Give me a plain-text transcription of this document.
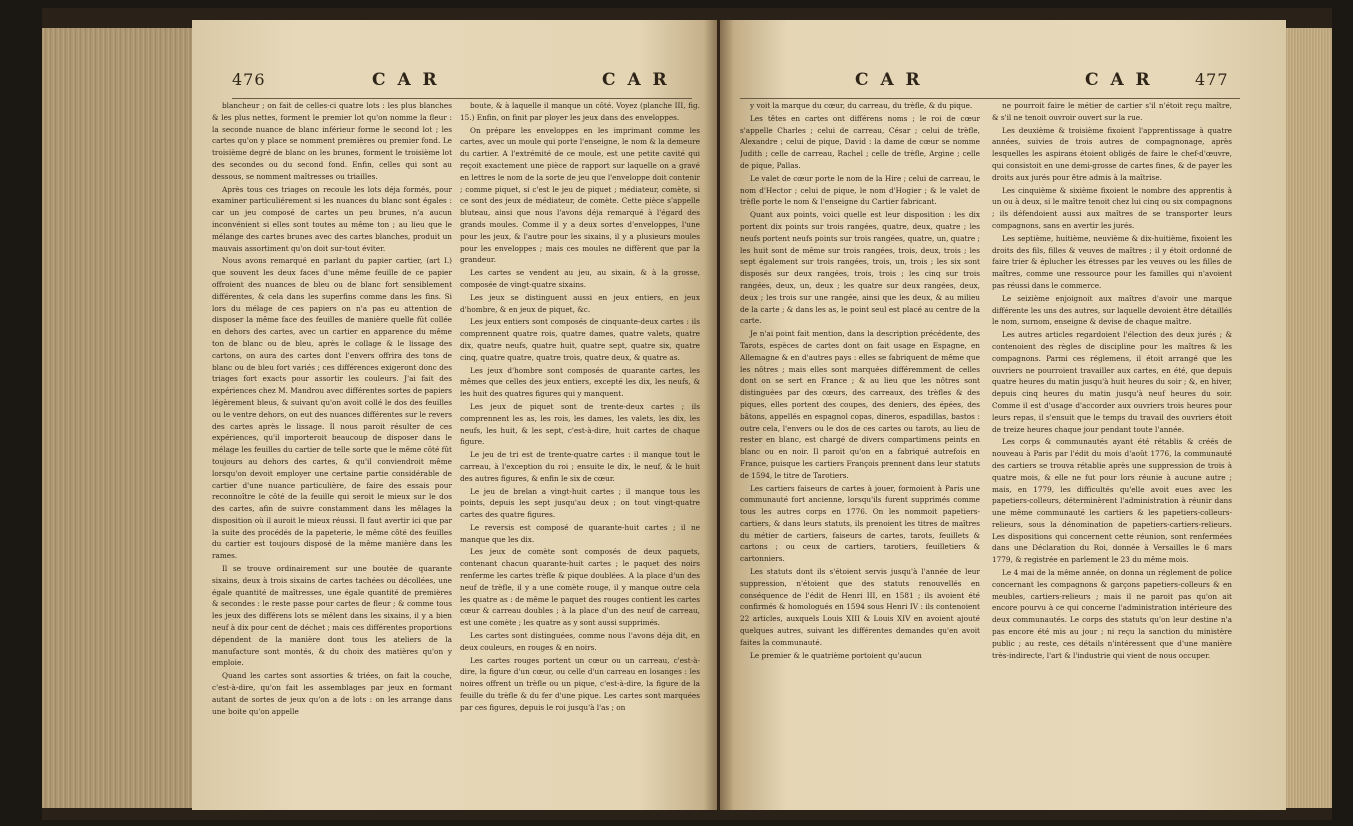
476	C A R	C A R

blancheur ; on fait de celles-ci quatre lots : les plus blanches & les plus nettes, forment le premier lot qu'on nomme la fleur : la seconde nuance de blanc inférieur forme le second lot ; les cartes qu'on y place se nomment premières ou premier fond. Le troisième degré de blanc on les brunes, forment le troisième lot des secondes ou du second fond. Enfin, celles qui sont au dessous, se nomment maîtresses ou triailles.

Après tous ces triages on recoule les lots déja formés, pour examiner particuliérement si les nuances du blanc sont égales : car un jeu composé de cartes un peu brunes, n'a aucun inconvénient si elles sont toutes au même ton ; au lieu que le mélange des cartes brunes avec des cartes blanches, produit un mauvais assortiment qu'on doit sur-tout éviter.

Nous avons remarqué en parlant du papier cartier, (art I.) que souvent les deux faces d'une même feuille de ce papier offroient des nuances de bleu ou de blanc fort sensiblement différentes, & cela dans les superfins comme dans les fins. Si lors du mélage de ces papiers on n'a pas eu attention de disposer la même face des feuilles de manière quelle fût collée en dehors des cartes, avec un cartier en apparence du même ton de blanc ou de bleu, après le collage & le lissage des cartons, on aura des cartes dont l'envers offrira des tons de blanc ou de bleu fort variés ; ces différences exigeront donc des triages fort exacts pour assortir les couleurs. J'ai fait des expériences chez M. Mandrou avec différentes sortes de papiers légèrement bleus, & suivant qu'on avoit collé le dos des feuilles ou le ventre dehors, on eut des nuances différentes sur le revers des cartes après le lissage. Il nous paroit résulter de ces expériences, qu'il importeroit beaucoup de disposer dans le mélage les feuilles du cartier de telle sorte que le même côté fût toujours au dehors des cartes, & qu'il conviendroit même lorsqu'on devoit employer une certaine partie considérable de cartier d'une nuance particulière, de faire des essais pour reconnoître le côté de la feuille qui seroit le mieux sur le dos des cartes, afin de suivre constamment dans les mêlages la disposition où il auroit le mieux réussi. Il faut avertir ici que par la suite des procédés de la papeterie, le même côté des feuilles du cartier est toujours disposé de la même manière dans les rames.

Il se trouve ordinairement sur une boutée de quarante sixains, deux à trois sixains de cartes tachées ou décollées, une égale quantité de maîtresses, une égale quantité de premières & secondes : le reste passe pour cartes de fleur ; & comme tous les jeux des différens lots se mêlent dans les sixains, il y a bien neuf à dix pour cent de déchet ; mais ces différentes proportions dépendent de la manière dont tous les ateliers de la manufacture sont montés, & du choix des matières qu'on y emploie.

Quand les cartes sont assorties & triées, on fait la couche, c'est-à-dire, qu'on fait les assemblages par jeux en formant autant de sortes de jeux qu'on a de lots : on les arrange dans une boite qu'on appelle

boute, & à laquelle il manque un côté. Voyez (planche III, fig. 15.) Enfin, on finit par ployer les jeux dans des enveloppes.

On prépare les enveloppes en les imprimant comme les cartes, avec un moule qui porte l'enseigne, le nom & la demeure du cartier. A l'extrémité de ce moule, est une petite cavité qui reçoit exactement une pièce de rapport sur laquelle on a gravé en lettres le nom de la sorte de jeu que l'enveloppe doit contenir ; comme piquet, si c'est le jeu de piquet ; médiateur, comète, si ce sont des jeux de médiateur, de comète. Cette pièce s'appelle bluteau, ainsi que nous l'avons déja remarqué à l'égard des grands moules. Comme il y a deux sortes d'enveloppes, l'une pour les jeux, & l'autre pour les sixains, il y a plusieurs moules pour les enveloppes ; mais ces moules ne diffèrent que par la grandeur.

Les cartes se vendent au jeu, au sixain, & à la grosse, composée de vingt-quatre sixains.

Les jeux se distinguent aussi en jeux entiers, en jeux d'hombre, & en jeux de piquet, &c.

Les jeux entiers sont composés de cinquante-deux cartes : ils comprennent quatre rois, quatre dames, quatre valets, quatre dix, quatre neufs, quatre huit, quatre sept, quatre six, quatre cinq, quatre quatre, quatre trois, quatre deux, & quatre as.

Les jeux d'hombre sont composés de quarante cartes, les mêmes que celles des jeux entiers, excepté les dix, les neufs, & les huit des quatres figures qui y manquent.

Les jeux de piquet sont de trente-deux cartes ; ils comprennent les as, les rois, les dames, les valets, les dix, les neufs, les huit, & les sept, c'est-à-dire, huit cartes de chaque figure.

Le jeu de tri est de trente-quatre cartes : il manque tout le carreau, à l'exception du roi ; ensuite le dix, le neuf, & le huit des autres figures, & enfin le six de cœur.

Le jeu de brelan a vingt-huit cartes ; il manque tous les points, depuis les sept jusqu'au deux ; on tout vingt-quatre cartes des quatre figures.

Le reversis est composé de quarante-huit cartes ; il ne manque que les dix.

Les jeux de comète sont composés de deux paquets, contenant chacun quarante-huit cartes ; le paquet des noirs renferme les cartes trèfle & pique doublées. A la place d'un des neuf de trèfle, il y a une comète rouge, il y manque outre cela les quatre as : de même le paquet des rouges contient les cartes cœur & carreau doubles ; à la place d'un des neuf de carreau, est une comète ; les quatre as y sont aussi supprimés.

Les cartes sont distinguées, comme nous l'avons déja dit, en deux couleurs, en rouges & en noirs.

Les cartes rouges portent un cœur ou un carreau, c'est-à-dire, la figure d'un cœur, ou celle d'un carreau en losanges : les noires offrent un trèfle ou un pique, c'est-à-dire, la figure de la feuille du trèfle & du fer d'une pique. Les cartes sont marquées par ces figures, depuis le roi jusqu'à l'as ; on

C A R	C A R	477

y voit la marque du cœur, du carreau, du trèfle, & du pique.

Les têtes en cartes ont différens noms ; le roi de cœur s'appelle Charles ; celui de carreau, César ; celui de trèfle, Alexandre ; celui de pique, David : la dame de cœur se nomme Judith ; celle de carreau, Rachel ; celle de trèfle, Argine ; celle de pique, Pallas.

Le valet de cœur porte le nom de la Hire ; celui de carreau, le nom d'Hector ; celui de pique, le nom d'Hogier ; & le valet de trèfle porte le nom & l'enseigne du Cartier fabricant.

Quant aux points, voici quelle est leur disposition : les dix portent dix points sur trois rangées, quatre, deux, quatre ; les neufs portent neufs points sur trois rangées, quatre, un, quatre ; les huit sont de même sur trois rangées, trois, deux, trois ; les sept également sur trois rangées, trois, un, trois ; les six sont disposés sur deux rangées, trois, trois ; les cinq sur trois rangées, deux, un, deux ; les quatre sur deux rangées, deux, deux ; les trois sur une rangée, ainsi que les deux, & au milieu de la carte ; & dans les as, le point seul est placé au centre de la carte.

Je n'ai point fait mention, dans la description précédente, des Tarots, espèces de cartes dont on fait usage en Espagne, en Allemagne & en d'autres pays : elles se fabriquent de même que les nôtres ; mais elles sont marquées différemment de celles dont on se sert en France ; & au lieu que les nôtres sont distinguées par des cœurs, des carreaux, des trèfles & des piques, elles portent des coupes, des deniers, des épées, des bâtons, appellés en espagnol copas, dineros, espadillas, bastos : outre cela, l'envers ou le dos de ces cartes ou tarots, au lieu de rester en blanc, est chargé de divers compartimens peints en blanc ou en noir. Il paroit qu'on en a fabriqué autrefois en France, puisque les cartiers François prennent dans leur statuts de 1594, le titre de Tarotiers.

Les cartiers faiseurs de cartes à jouer, formoient à Paris une communauté fort ancienne, lorsqu'ils furent supprimés comme tous les autres corps en 1776. On les nommoit papetiers-cartiers, & dans leurs statuts, ils prenoient les titres de maîtres du métier de cartiers, faiseurs de cartes, tarots, feuillets & cartons ; ou ceux de cartiers, tarotiers, feuilletiers & cartonniers.

Les statuts dont ils s'étoient servis jusqu'à l'année de leur suppression, n'étoient que des statuts renouvellés en conséquence de l'édit de Henri III, en 1581 ; ils avoient été confirmés & homologués en 1594 sous Henri IV : ils contenoient 22 articles, auxquels Louis XIII & Louis XIV en avoient ajouté quelques autres, suivant les différentes demandes qu'en avoit faites la communauté.

Le premier & le quatrième portoient qu'aucun

ne pourroit faire le métier de cartier s'il n'étoit reçu maître, & s'il ne tenoit ouvroir ouvert sur la rue.

Les deuxième & troisième fixoient l'apprentissage à quatre années, suivies de trois autres de compagnonage, après lesquelles les aspirans étoient obligés de faire le chef-d'œuvre, qui consistoit en une demi-grosse de cartes fines, & de payer les droits aux jurés pour être admis à la maîtrise.

Les cinquième & sixième fixoient le nombre des apprentis à un ou à deux, si le maître tenoit chez lui cinq ou six compagnons ; ils défendoient aussi aux maîtres de se transporter leurs compagnons, sans en avertir les jurés.

Les septième, huitième, neuvième & dix-huitième, fixoient les droits des fils, filles & veuves de maîtres ; il y étoit ordonné de faire trier & éplucher les étresses par les veuves ou les filles de maîtres, comme une ressource pour les familles qui n'avoient pas réussi dans le commerce.

Le seizième enjoignoit aux maîtres d'avoir une marque différente les uns des autres, sur laquelle devoient être détaillés le nom, surnom, enseigne & devise de chaque maître.

Les autres articles regardoient l'élection des deux jurés ; & contenoient des règles de discipline pour les maîtres & les compagnons. Parmi ces réglemens, il étoit arrangé que les ouvriers ne pourroient travailler aux cartes, en été, que depuis quatre heures du matin jusqu'à huit heures du soir ; &, en hiver, depuis cinq heures du matin jusqu'à neuf heures du soir. Comme il est d'usage d'accorder aux ouvriers trois heures pour leurs repas, il s'ensuit que le temps du travail des ouvriers étoit de treize heures chaque jour pendant toute l'année.

Les corps & communautés ayant été rétablis & créés de nouveau à Paris par l'édit du mois d'août 1776, la communauté des cartiers se trouva rétablie après une suppression de trois à quatre mois, & elle ne fut pour lors réunie à aucune autre ; mais, en 1779, les difficultés qu'elle avoit eues avec les papetiers-colleurs, déterminèrent l'administration à réunir dans une même communauté les cartiers & les papetiers-colleurs-relieurs, sous la dénomination de papetiers-cartiers-relieurs. Les dispositions qui concernent cette réunion, sont renfermées dans une Déclaration du Roi, donnée à Versailles le 6 mars 1779, & registrée en parlement le 23 du même mois.

Le 4 mai de la même année, on donna un réglement de police concernant les compagnons & garçons papetiers-colleurs & en meubles, cartiers-relieurs ; mais il ne paroit pas qu'on ait encore pourvu à ce qui concerne l'administration intérieure des deux communautés. Le corps des statuts qu'on leur destine n'a pas encore été mis au jour ; ni reçu la sanction du ministère public ; au reste, ces détails n'intéressent que d'une manière très-indirecte, l'art & l'industrie qui vient de nous occuper.
